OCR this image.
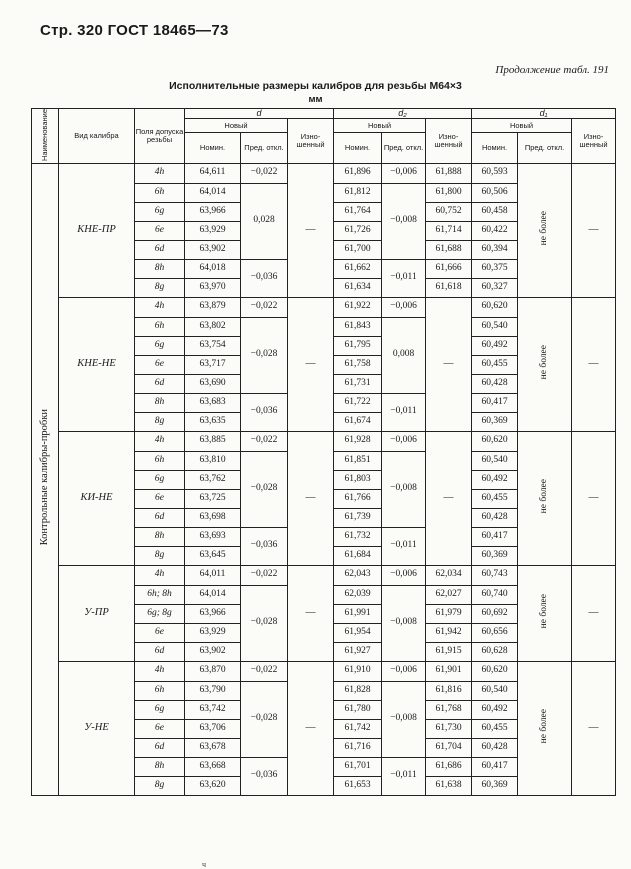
Стр. 320 ГОСТ 18465—73
Продолжение табл. 191
Исполнительные размеры калибров для резьбы М64×3
мм
Наименование	Вид калибра	Поля допуска резьбы	d			d₂			d₁		
			Новый		Изно-шенный	Новый		Изно-шенный	Новый		Изно-шенный
			Номин.	Пред. откл.		Номин.	Пред. откл.		Номин.	Пред. откл.	
Контрольные калибры-пробки	КНЕ-ПР	4h	64,611	−0,022	—	61,896	−0,006	61,888	60,593	не более	—
		6h	64,014	0,028		61,812	−0,008	61,800	60,506		
		6g	63,966			61,764		60,752	60,458		
		6e	63,929			61,726		61,714	60,422		
		6d	63,902			61,700		61,688	60,394		
		8h	64,018	−0,036		61,662	−0,011	61,666	60,375		
		8g	63,970			61,634		61,618	60,327		
	КНЕ-НЕ	4h	63,879	−0,022	—	61,922	−0,006	—	60,620	не более	—
		6h	63,802	−0,028		61,843	0,008		60,540		
		6g	63,754			61,795			60,492		
		6e	63,717			61,758			60,455		
		6d	63,690			61,731			60,428		
		8h	63,683	−0,036		61,722	−0,011		60,417		
		8g	63,635			61,674			60,369		
	КИ-НЕ	4h	63,885	−0,022	—	61,928	−0,006	—	60,620	не более	—
		6h	63,810	−0,028		61,851	−0,008		60,540		
		6g	63,762			61,803			60,492		
		6e	63,725			61,766			60,455		
		6d	63,698			61,739			60,428		
		8h	63,693	−0,036		61,732	−0,011		60,417		
		8g	63,645			61,684			60,369		
	У-ПР	4h	64,011	−0,022	—	62,043	−0,006	62,034	60,743	не более	—
		6h; 8h	64,014	−0,028		62,039	−0,008	62,027	60,740		
		6g; 8g	63,966			61,991		61,979	60,692		
		6e	63,929			61,954		61,942	60,656		
		6d	63,902			61,927		61,915	60,628		
	У-НЕ	4h	63,870	−0,022	—	61,910	−0,006	61,901	60,620	не более	—
		6h	63,790	−0,028		61,828	−0,008	61,816	60,540		
		6g	63,742			61,780		61,768	60,492		
		6e	63,706			61,742		61,730	60,455		
		6d	63,678			61,716		61,704	60,428		
		8h	63,668	−0,036		61,701	−0,011	61,686	60,417		
		8g	63,620			61,653		61,638	60,369		
ч
